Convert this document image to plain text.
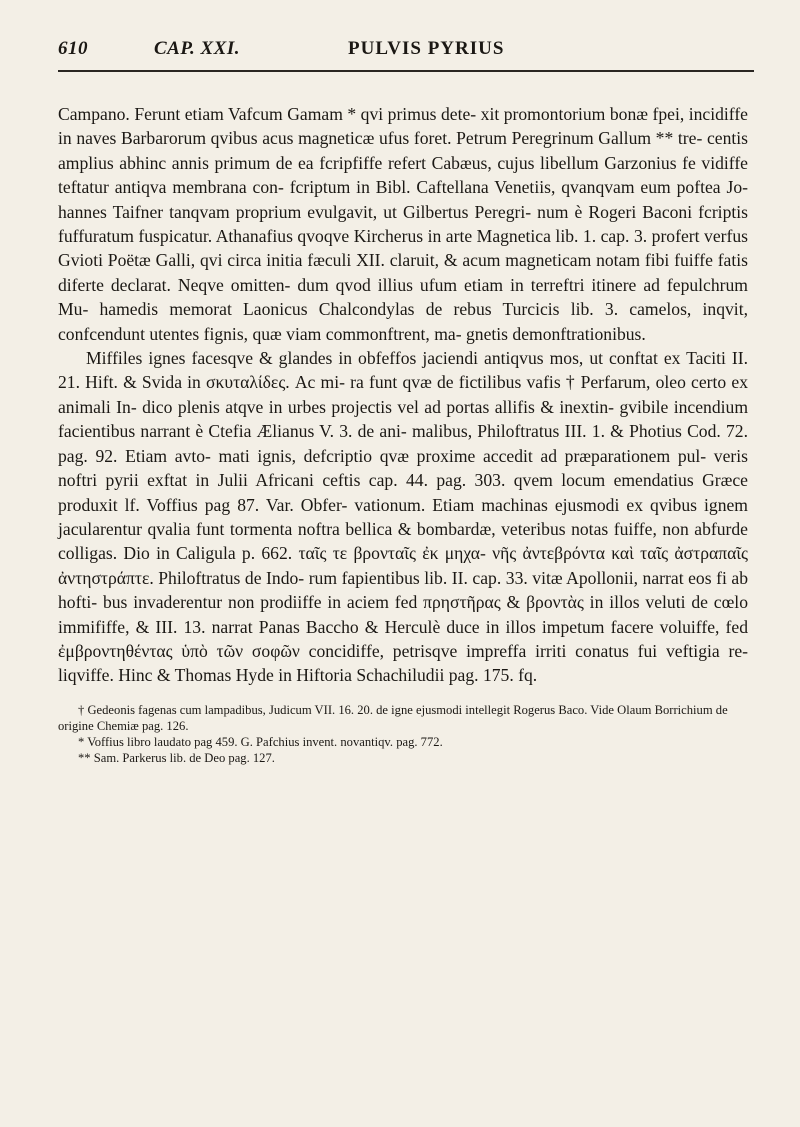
610	CAP. XXI.	PULVIS PYRIUS

Campano. Ferunt etiam Vafcum Gamam * qvi primus dete- xit promontorium bonæ fpei, incidiffe in naves Barbarorum qvibus acus magneticæ ufus foret. Petrum Peregrinum Gallum ** tre- centis amplius abhinc annis primum de ea fcripfiffe refert Cabæus, cujus libellum Garzonius fe vidiffe teftatur antiqva membrana con- fcriptum in Bibl. Caftellana Venetiis, qvanqvam eum poftea Jo- hannes Taifner tanqvam proprium evulgavit, ut Gilbertus Peregri- num è Rogeri Baconi fcriptis fuffuratum fuspicatur. Athanafius qvoqve Kircherus in arte Magnetica lib. 1. cap. 3. profert verfus Gvioti Poëtæ Galli, qvi circa initia fæculi XII. claruit, & acum magneticam notam fibi fuiffe fatis diferte declarat. Neqve omitten- dum qvod illius ufum etiam in terreftri itinere ad fepulchrum Mu- hamedis memorat Laonicus Chalcondylas de rebus Turcicis lib. 3. camelos, inqvit, confcendunt utentes fignis, quæ viam commonftrent, ma- gnetis demonftrationibus.

Miffiles ignes facesqve & glandes in obfeffos jaciendi antiqvus mos, ut conftat ex Taciti II. 21. Hift. & Svida in σκυταλίδες. Ac mi- ra funt qvæ de fictilibus vafis † Perfarum, oleo certo ex animali In- dico plenis atqve in urbes projectis vel ad portas allifis & inextin- gvibile incendium facientibus narrant è Ctefia Ælianus V. 3. de ani- malibus, Philoftratus III. 1. & Photius Cod. 72. pag. 92. Etiam avto- mati ignis, defcriptio qvæ proxime accedit ad præparationem pul- veris noftri pyrii exftat in Julii Africani ceftis cap. 44. pag. 303. qvem locum emendatius Græce produxit lf. Voffius pag 87. Var. Obfer- vationum. Etiam machinas ejusmodi ex qvibus ignem jacularentur qvalia funt tormenta noftra bellica & bombardæ, veteribus notas fuiffe, non abfurde colligas. Dio in Caligula p. 662. ταῖς τε βρονταῖς ἐκ μηχα- νῆς ἀντεβρόντα καὶ ταῖς ἀστραπαῖς ἀντηστράπτε. Philoftratus de Indo- rum fapientibus lib. II. cap. 33. vitæ Apollonii, narrat eos fi ab hofti- bus invaderentur non prodiiffe in aciem fed πρηστῆρας & βροντὰς in illos veluti de cœlo immififfe, & III. 13. narrat Panas Baccho & Herculè duce in illos impetum facere voluiffe, fed ἐμβροντηθέντας ὑπὸ τῶν σοφῶν concidiffe, petrisqve impreffa irriti conatus fui veftigia re- liqviffe. Hinc & Thomas Hyde in Hiftoria Schachiludii pag. 175. fq.

† Gedeonis fagenas cum lampadibus, Judicum VII. 16. 20. de igne ejusmodi intellegit Rogerus Baco. Vide Olaum Borrichium de origine Chemiæ pag. 126.

* Voffius libro laudato pag 459. G. Pafchius invent. novantiqv. pag. 772.

** Sam. Parkerus lib. de Deo pag. 127.
